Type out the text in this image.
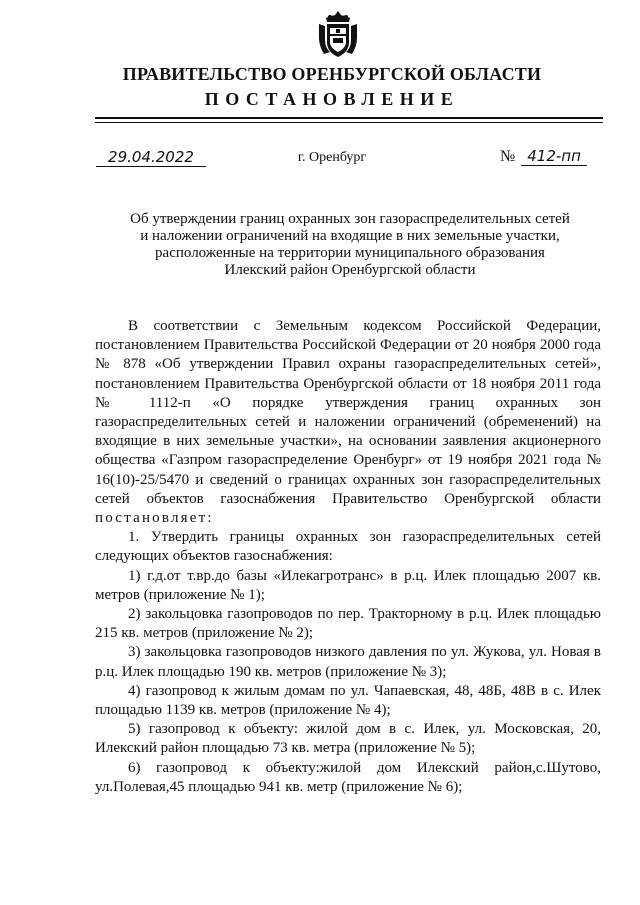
ПРАВИТЕЛЬСТВО ОРЕНБУРГСКОЙ ОБЛАСТИ
ПОСТАНОВЛЕНИЕ
29.04.2022	г. Оренбург	№ 412-пп
Об утверждении границ охранных зон газораспределительных сетей
и наложении ограничений на входящие в них земельные участки,
расположенные на территории муниципального образования
Илекский район Оренбургской области

В соответствии с Земельным кодексом Российской Федерации, постановлением Правительства Российской Федерации от 20 ноября 2000 года № 878 «Об утверждении Правил охраны газораспределительных сетей», постановлением Правительства Оренбургской области от 18 ноября 2011 года № 1112-п «О порядке утверждения границ охранных зон газораспределительных сетей и наложении ограничений (обременений) на входящие в них земельные участки», на основании заявления акционерного общества «Газпром газораспределение Оренбург» от 19 ноября 2021 года № 16(10)-25/5470 и сведений о границах охранных зон газораспределительных сетей объектов газоснабжения Правительство Оренбургской области постановляет:

1. Утвердить границы охранных зон газораспределительных сетей следующих объектов газоснабжения:

1) г.д.от т.вр.до базы «Илекагротранс» в р.ц. Илек площадью 2007 кв. метров (приложение № 1);

2) закольцовка газопроводов по пер. Тракторному в р.ц. Илек площадью 215 кв. метров (приложение № 2);

3) закольцовка газопроводов низкого давления по ул. Жукова, ул. Новая в р.ц. Илек площадью 190 кв. метров (приложение № 3);

4) газопровод к жилым домам по ул. Чапаевская, 48, 48Б, 48В в с. Илек площадью 1139 кв. метров (приложение № 4);

5) газопровод к объекту: жилой дом в с. Илек, ул. Московская, 20, Илекский район площадью 73 кв. метра (приложение № 5);

6) газопровод к объекту:жилой дом Илекский район,с.Шутово, ул.Полевая,45 площадью 941 кв. метр (приложение № 6);
